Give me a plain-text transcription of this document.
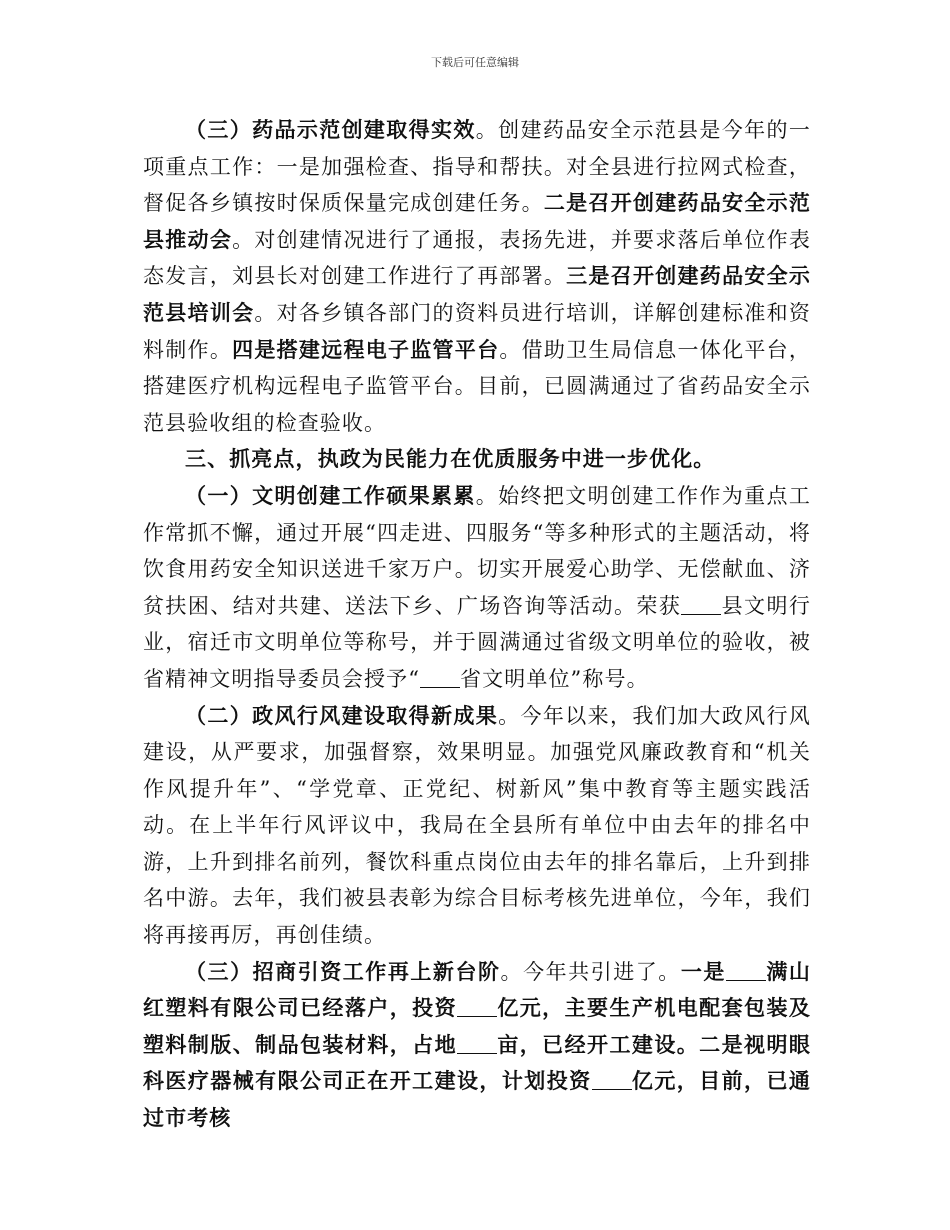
下载后可任意编辑

（三）药品示范创建取得实效。创建药品安全示范县是今年的一项重点工作：一是加强检查、指导和帮扶。对全县进行拉网式检查，督促各乡镇按时保质保量完成创建任务。二是召开创建药品安全示范县推动会。对创建情况进行了通报，表扬先进，并要求落后单位作表态发言，刘县长对创建工作进行了再部署。三是召开创建药品安全示范县培训会。对各乡镇各部门的资料员进行培训，详解创建标准和资料制作。四是搭建远程电子监管平台。借助卫生局信息一体化平台，搭建医疗机构远程电子监管平台。目前，已圆满通过了省药品安全示范县验收组的检查验收。

三、抓亮点，执政为民能力在优质服务中进一步优化。

（一）文明创建工作硕果累累。始终把文明创建工作作为重点工作常抓不懈，通过开展“四走进、四服务“等多种形式的主题活动，将饮食用药安全知识送进千家万户。切实开展爱心助学、无偿献血、济贫扶困、结对共建、送法下乡、广场咨询等活动。荣获 县文明行业，宿迁市文明单位等称号，并于圆满通过省级文明单位的验收，被省精神文明指导委员会授予“ 省文明单位”称号。

（二）政风行风建设取得新成果。今年以来，我们加大政风行风建设，从严要求，加强督察，效果明显。加强党风廉政教育和“机关作风提升年”、“学党章、正党纪、树新风”集中教育等主题实践活动。在上半年行风评议中，我局在全县所有单位中由去年的排名中游，上升到排名前列，餐饮科重点岗位由去年的排名靠后，上升到排名中游。去年，我们被县表彰为综合目标考核先进单位，今年，我们将再接再厉，再创佳绩。

（三）招商引资工作再上新台阶。今年共引进了。一是 满山红塑料有限公司已经落户，投资 亿元，主要生产机电配套包装及塑料制版、制品包装材料，占地 亩，已经开工建设。二是视明眼科医疗器械有限公司正在开工建设，计划投资 亿元，目前，已通过市考核
